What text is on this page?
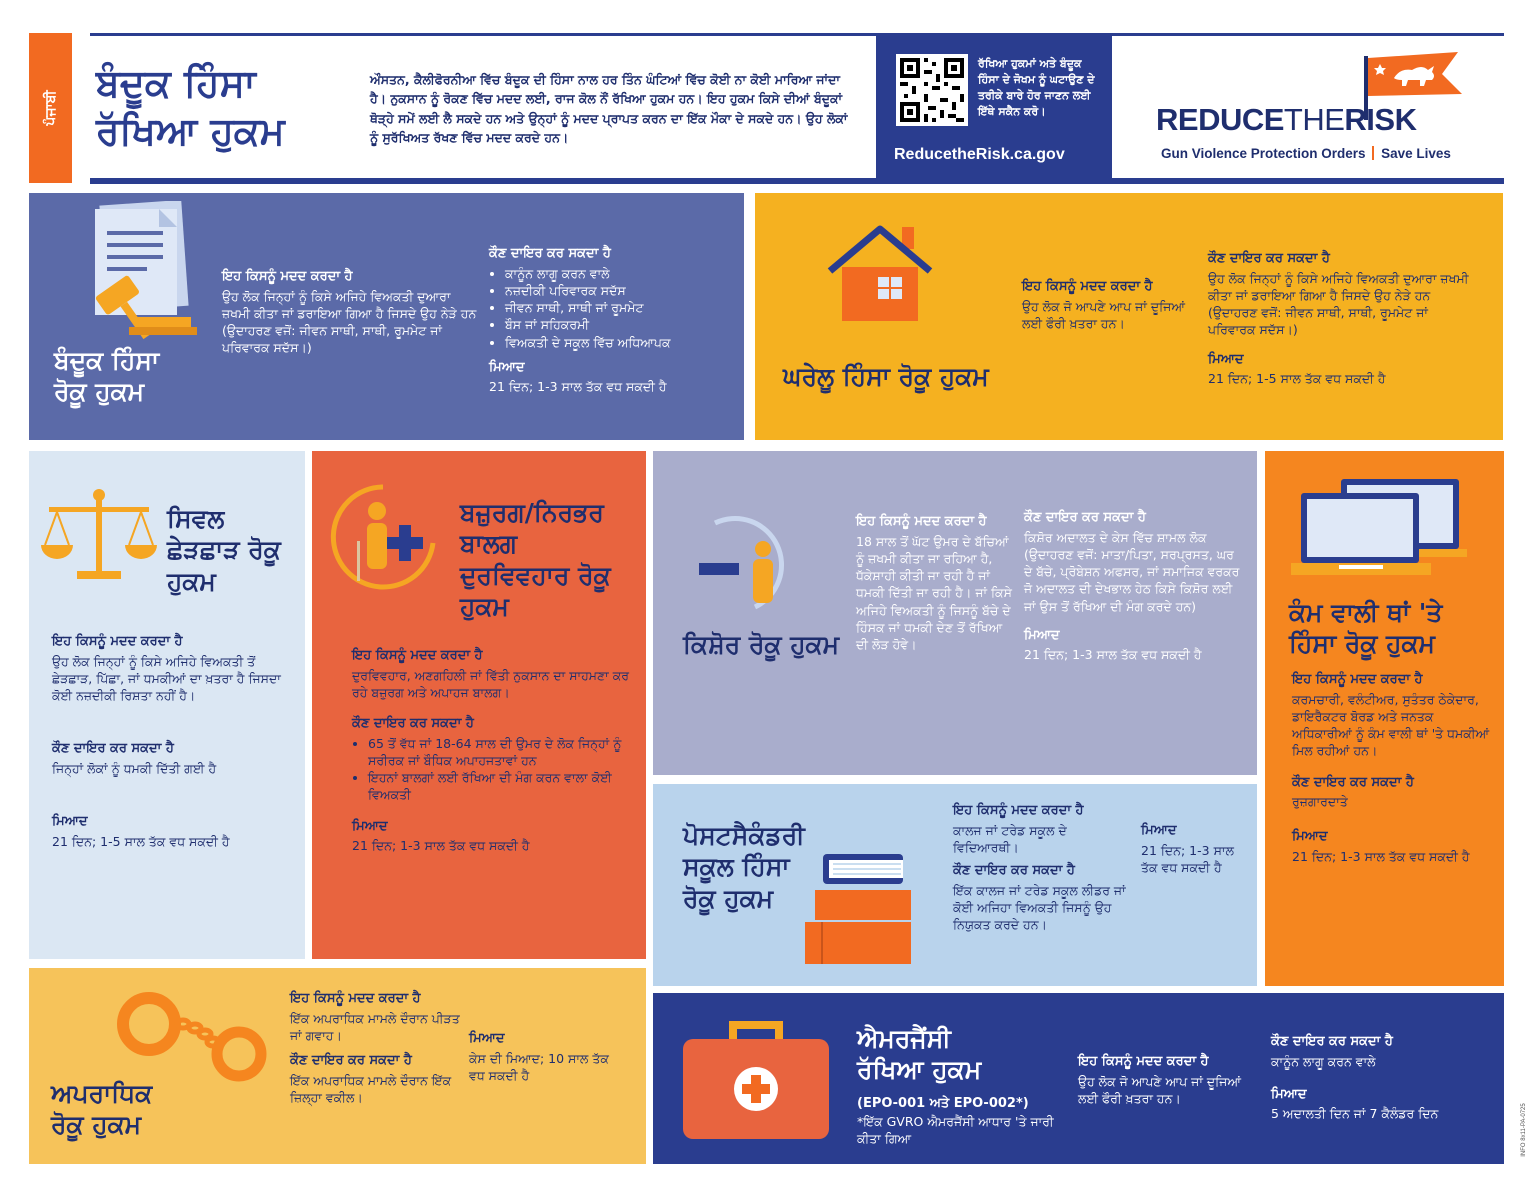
ਪੰਜਾਬੀ
ਬੰਦੂਕ ਹਿੰਸਾ
ਰੱਖਿਆ ਹੁਕਮ
ਔਸਤਨ, ਕੈਲੀਫੋਰਨੀਆ ਵਿੱਚ ਬੰਦੂਕ ਦੀ ਹਿੰਸਾ ਨਾਲ ਹਰ ਤਿੰਨ ਘੰਟਿਆਂ ਵਿੱਚ ਕੋਈ ਨਾ ਕੋਈ ਮਾਰਿਆ ਜਾਂਦਾ ਹੈ। ਨੁਕਸਾਨ ਨੂੰ ਰੋਕਣ ਵਿੱਚ ਮਦਦ ਲਈ, ਰਾਜ ਕੋਲ ਨੌਂ ਰੱਖਿਆ ਹੁਕਮ ਹਨ। ਇਹ ਹੁਕਮ ਕਿਸੇ ਦੀਆਂ ਬੰਦੂਕਾਂ ਥੋੜ੍ਹੇ ਸਮੇਂ ਲਈ ਲੈ ਸਕਦੇ ਹਨ ਅਤੇ ਉਨ੍ਹਾਂ ਨੂੰ ਮਦਦ ਪ੍ਰਾਪਤ ਕਰਨ ਦਾ ਇੱਕ ਮੌਕਾ ਦੇ ਸਕਦੇ ਹਨ। ਉਹ ਲੋਕਾਂ ਨੂੰ ਸੁਰੱਖਿਅਤ ਰੱਖਣ ਵਿੱਚ ਮਦਦ ਕਰਦੇ ਹਨ।
ਰੱਖਿਆ ਹੁਕਮਾਂ ਅਤੇ ਬੰਦੂਕ ਹਿੰਸਾ ਦੇ ਜੋਖਮ ਨੂੰ ਘਟਾਉਣ ਦੇ ਤਰੀਕੇ ਬਾਰੇ ਹੋਰ ਜਾਣਨ ਲਈ ਇੱਥੇ ਸਕੈਨ ਕਰੋ।
ReducetheRisk.ca.gov
REDUCETHERISK
Gun Violence Protection Orders Save Lives
ਬੰਦੂਕ ਹਿੰਸਾ
ਰੋਕੂ ਹੁਕਮ
ਇਹ ਕਿਸਨੂੰ ਮਦਦ ਕਰਦਾ ਹੈ
ਉਹ ਲੋਕ ਜਿਨ੍ਹਾਂ ਨੂੰ ਕਿਸੇ ਅਜਿਹੇ ਵਿਅਕਤੀ ਦੁਆਰਾ ਜ਼ਖਮੀ ਕੀਤਾ ਜਾਂ ਡਰਾਇਆ ਗਿਆ ਹੈ ਜਿਸਦੇ ਉਹ ਨੇੜੇ ਹਨ (ਉਦਾਹਰਣ ਵਜੋਂ: ਜੀਵਨ ਸਾਥੀ, ਸਾਥੀ, ਰੂਮਮੇਟ ਜਾਂ ਪਰਿਵਾਰਕ ਸਦੱਸ।)
ਕੌਣ ਦਾਇਰ ਕਰ ਸਕਦਾ ਹੈ
• ਕਾਨੂੰਨ ਲਾਗੂ ਕਰਨ ਵਾਲੇ
• ਨਜ਼ਦੀਕੀ ਪਰਿਵਾਰਕ ਸਦੱਸ
• ਜੀਵਨ ਸਾਥੀ, ਸਾਥੀ ਜਾਂ ਰੂਮਮੇਟ
• ਬੌਸ ਜਾਂ ਸਹਿਕਰਮੀ
• ਵਿਅਕਤੀ ਦੇ ਸਕੂਲ ਵਿੱਚ ਅਧਿਆਪਕ
ਮਿਆਦ
21 ਦਿਨ; 1-3 ਸਾਲ ਤੱਕ ਵਧ ਸਕਦੀ ਹੈ	ਘਰੇਲੂ ਹਿੰਸਾ ਰੋਕੂ ਹੁਕਮ
ਇਹ ਕਿਸਨੂੰ ਮਦਦ ਕਰਦਾ ਹੈ
ਉਹ ਲੋਕ ਜੋ ਆਪਣੇ ਆਪ ਜਾਂ ਦੂਜਿਆਂ ਲਈ ਫੌਰੀ ਖ਼ਤਰਾ ਹਨ।
ਕੌਣ ਦਾਇਰ ਕਰ ਸਕਦਾ ਹੈ
ਉਹ ਲੋਕ ਜਿਨ੍ਹਾਂ ਨੂੰ ਕਿਸੇ ਅਜਿਹੇ ਵਿਅਕਤੀ ਦੁਆਰਾ ਜ਼ਖਮੀ ਕੀਤਾ ਜਾਂ ਡਰਾਇਆ ਗਿਆ ਹੈ ਜਿਸਦੇ ਉਹ ਨੇੜੇ ਹਨ (ਉਦਾਹਰਣ ਵਜੋਂ: ਜੀਵਨ ਸਾਥੀ, ਸਾਥੀ, ਰੂਮਮੇਟ ਜਾਂ ਪਰਿਵਾਰਕ ਸਦੱਸ।)
ਮਿਆਦ
21 ਦਿਨ; 1-5 ਸਾਲ ਤੱਕ ਵਧ ਸਕਦੀ ਹੈ
ਸਿਵਲ
ਛੇੜਛਾੜ ਰੋਕੂ
ਹੁਕਮ
ਇਹ ਕਿਸਨੂੰ ਮਦਦ ਕਰਦਾ ਹੈ
ਉਹ ਲੋਕ ਜਿਨ੍ਹਾਂ ਨੂੰ ਕਿਸੇ ਅਜਿਹੇ ਵਿਅਕਤੀ ਤੋਂ ਛੇੜਛਾੜ, ਪਿੱਛਾ, ਜਾਂ ਧਮਕੀਆਂ ਦਾ ਖ਼ਤਰਾ ਹੈ ਜਿਸਦਾ ਕੋਈ ਨਜ਼ਦੀਕੀ ਰਿਸ਼ਤਾ ਨਹੀਂ ਹੈ।
ਕੌਣ ਦਾਇਰ ਕਰ ਸਕਦਾ ਹੈ
ਜਿਨ੍ਹਾਂ ਲੋਕਾਂ ਨੂੰ ਧਮਕੀ ਦਿੱਤੀ ਗਈ ਹੈ
ਮਿਆਦ
21 ਦਿਨ; 1-5 ਸਾਲ ਤੱਕ ਵਧ ਸਕਦੀ ਹੈ
ਬਜ਼ੁਰਗ/ਨਿਰਭਰ
ਬਾਲਗ
ਦੁਰਵਿਵਹਾਰ ਰੋਕੂ
ਹੁਕਮ
ਇਹ ਕਿਸਨੂੰ ਮਦਦ ਕਰਦਾ ਹੈ
ਦੁਰਵਿਵਹਾਰ, ਅਣਗਹਿਲੀ ਜਾਂ ਵਿੱਤੀ ਨੁਕਸਾਨ ਦਾ ਸਾਹਮਣਾ ਕਰ ਰਹੇ ਬਜ਼ੁਰਗ ਅਤੇ ਅਪਾਹਜ ਬਾਲਗ।
ਕੌਣ ਦਾਇਰ ਕਰ ਸਕਦਾ ਹੈ
• 65 ਤੋਂ ਵੱਧ ਜਾਂ 18-64 ਸਾਲ ਦੀ ਉਮਰ ਦੇ ਲੋਕ ਜਿਨ੍ਹਾਂ ਨੂੰ ਸਰੀਰਕ ਜਾਂ ਬੌਧਿਕ ਅਪਾਹਜਤਾਵਾਂ ਹਨ
• ਇਹਨਾਂ ਬਾਲਗਾਂ ਲਈ ਰੱਖਿਆ ਦੀ ਮੰਗ ਕਰਨ ਵਾਲਾ ਕੋਈ ਵਿਅਕਤੀ
ਮਿਆਦ
21 ਦਿਨ; 1-3 ਸਾਲ ਤੱਕ ਵਧ ਸਕਦੀ ਹੈ
ਕਿਸ਼ੋਰ ਰੋਕੂ ਹੁਕਮ
ਇਹ ਕਿਸਨੂੰ ਮਦਦ ਕਰਦਾ ਹੈ
18 ਸਾਲ ਤੋਂ ਘੱਟ ਉਮਰ ਦੇ ਬੱਚਿਆਂ ਨੂੰ ਜ਼ਖਮੀ ਕੀਤਾ ਜਾ ਰਹਿਆ ਹੈ, ਧੱਕੇਸ਼ਾਹੀ ਕੀਤੀ ਜਾ ਰਹੀ ਹੈ ਜਾਂ ਧਮਕੀ ਦਿੱਤੀ ਜਾ ਰਹੀ ਹੈ। ਜਾਂ ਕਿਸੇ ਅਜਿਹੇ ਵਿਅਕਤੀ ਨੂੰ ਜਿਸਨੂੰ ਬੱਚੇ ਦੇ ਹਿੰਸਕ ਜਾਂ ਧਮਕੀ ਦੇਣ ਤੋਂ ਰੱਖਿਆ ਦੀ ਲੋੜ ਹੋਵੇ।
ਕੌਣ ਦਾਇਰ ਕਰ ਸਕਦਾ ਹੈ
ਕਿਸ਼ੋਰ ਅਦਾਲਤ ਦੇ ਕੇਸ ਵਿੱਚ ਸ਼ਾਮਲ ਲੋਕ (ਉਦਾਹਰਣ ਵਜੋਂ: ਮਾਤਾ/ਪਿਤਾ, ਸਰਪ੍ਰਸਤ, ਘਰ ਦੇ ਬੱਚੇ, ਪ੍ਰੋਬੇਸ਼ਨ ਅਫਸਰ, ਜਾਂ ਸਮਾਜਿਕ ਵਰਕਰ ਜੋ ਅਦਾਲਤ ਦੀ ਦੇਖਭਾਲ ਹੇਠ ਕਿਸੇ ਕਿਸ਼ੋਰ ਲਈ ਜਾਂ ਉਸ ਤੋਂ ਰੱਖਿਆ ਦੀ ਮੰਗ ਕਰਦੇ ਹਨ)
ਮਿਆਦ
21 ਦਿਨ; 1-3 ਸਾਲ ਤੱਕ ਵਧ ਸਕਦੀ ਹੈ
ਕੰਮ ਵਾਲੀ ਥਾਂ 'ਤੇ
ਹਿੰਸਾ ਰੋਕੂ ਹੁਕਮ
ਇਹ ਕਿਸਨੂੰ ਮਦਦ ਕਰਦਾ ਹੈ
ਕਰਮਚਾਰੀ, ਵਲੰਟੀਅਰ, ਸੁਤੰਤਰ ਠੇਕੇਦਾਰ, ਡਾਇਰੈਕਟਰ ਬੋਰਡ ਅਤੇ ਜਨਤਕ ਅਧਿਕਾਰੀਆਂ ਨੂੰ ਕੰਮ ਵਾਲੀ ਥਾਂ 'ਤੇ ਧਮਕੀਆਂ ਮਿਲ ਰਹੀਆਂ ਹਨ।
ਕੌਣ ਦਾਇਰ ਕਰ ਸਕਦਾ ਹੈ
ਰੁਜ਼ਗਾਰਦਾਤੇ
ਮਿਆਦ
21 ਦਿਨ; 1-3 ਸਾਲ ਤੱਕ ਵਧ ਸਕਦੀ ਹੈ
ਪੋਸਟਸੈਕੰਡਰੀ
ਸਕੂਲ ਹਿੰਸਾ
ਰੋਕੂ ਹੁਕਮ
ਇਹ ਕਿਸਨੂੰ ਮਦਦ ਕਰਦਾ ਹੈ
ਕਾਲਜ ਜਾਂ ਟਰੇਡ ਸਕੂਲ ਦੇ ਵਿਦਿਆਰਥੀ।
ਕੌਣ ਦਾਇਰ ਕਰ ਸਕਦਾ ਹੈ
ਇੱਕ ਕਾਲਜ ਜਾਂ ਟਰੇਡ ਸਕੂਲ ਲੀਡਰ ਜਾਂ ਕੋਈ ਅਜਿਹਾ ਵਿਅਕਤੀ ਜਿਸਨੂੰ ਉਹ ਨਿਯੁਕਤ ਕਰਦੇ ਹਨ।
ਮਿਆਦ
21 ਦਿਨ; 1-3 ਸਾਲ ਤੱਕ ਵਧ ਸਕਦੀ ਹੈ
ਅਪਰਾਧਿਕ
ਰੋਕੂ ਹੁਕਮ
ਇਹ ਕਿਸਨੂੰ ਮਦਦ ਕਰਦਾ ਹੈ
ਇੱਕ ਅਪਰਾਧਿਕ ਮਾਮਲੇ ਦੌਰਾਨ ਪੀੜਤ ਜਾਂ ਗਵਾਹ।
ਕੌਣ ਦਾਇਰ ਕਰ ਸਕਦਾ ਹੈ
ਇੱਕ ਅਪਰਾਧਿਕ ਮਾਮਲੇ ਦੌਰਾਨ ਇੱਕ ਜ਼ਿਲ੍ਹਾ ਵਕੀਲ।
ਮਿਆਦ
ਕੇਸ ਦੀ ਮਿਆਦ; 10 ਸਾਲ ਤੱਕ ਵਧ ਸਕਦੀ ਹੈ
ਐਮਰਜੈਂਸੀ
ਰੱਖਿਆ ਹੁਕਮ
(EPO-001 ਅਤੇ EPO-002*)
*ਇੱਕ GVRO ਐਮਰਜੈਂਸੀ ਆਧਾਰ 'ਤੇ ਜਾਰੀ ਕੀਤਾ ਗਿਆ
ਇਹ ਕਿਸਨੂੰ ਮਦਦ ਕਰਦਾ ਹੈ
ਉਹ ਲੋਕ ਜੋ ਆਪਣੇ ਆਪ ਜਾਂ ਦੂਜਿਆਂ ਲਈ ਫੌਰੀ ਖ਼ਤਰਾ ਹਨ।
ਕੌਣ ਦਾਇਰ ਕਰ ਸਕਦਾ ਹੈ
ਕਾਨੂੰਨ ਲਾਗੂ ਕਰਨ ਵਾਲੇ
ਮਿਆਦ
5 ਅਦਾਲਤੀ ਦਿਨ ਜਾਂ 7 ਕੈਲੰਡਰ ਦਿਨ	INFO 8x11-PA-0725
